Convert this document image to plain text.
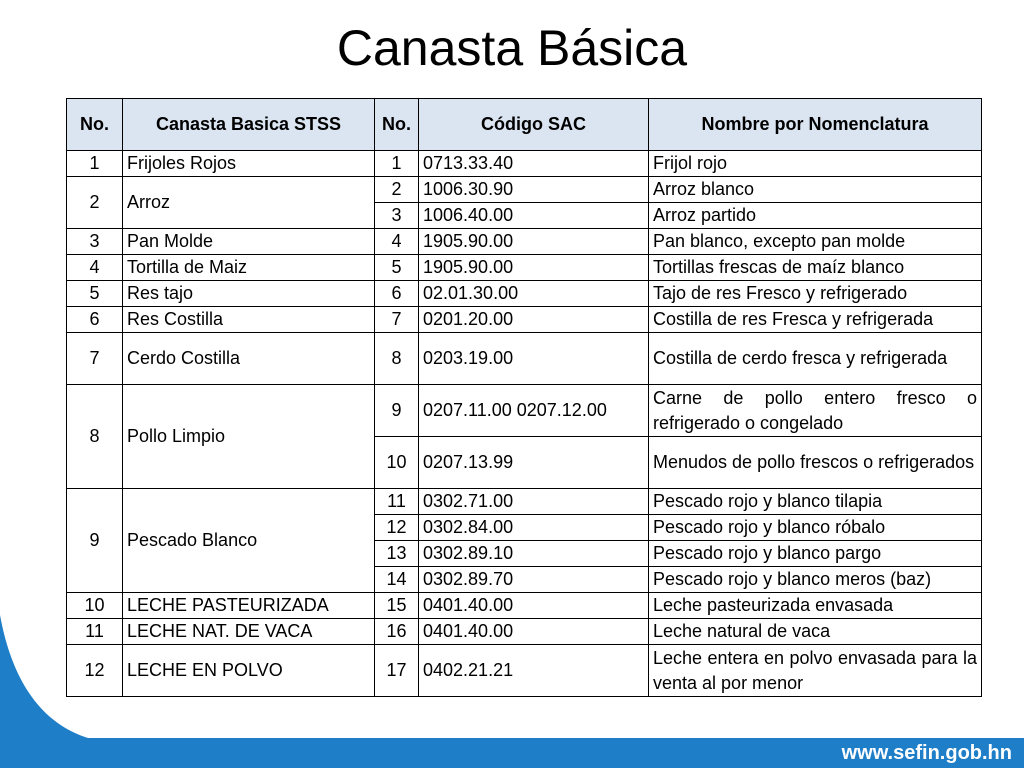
Canasta Básica
No.	Canasta Basica STSS	No.	Código SAC	Nombre por Nomenclatura
1	Frijoles Rojos	1	0713.33.40	Frijol rojo
2	Arroz	2	1006.30.90	Arroz blanco
		3	1006.40.00	Arroz partido
3	Pan Molde	4	1905.90.00	Pan blanco, excepto pan molde
4	Tortilla de Maiz	5	1905.90.00	Tortillas frescas de maíz blanco
5	Res tajo	6	02.01.30.00	Tajo de res Fresco y refrigerado
6	Res Costilla	7	0201.20.00	Costilla de res Fresca y refrigerada
7	Cerdo Costilla	8	0203.19.00	Costilla de cerdo fresca y refrigerada
8	Pollo Limpio	9	0207.11.00 0207.12.00	Carne de pollo entero fresco o refrigerado o congelado
		10	0207.13.99	Menudos de pollo frescos o refrigerados
9	Pescado Blanco	11	0302.71.00	Pescado rojo y blanco tilapia
		12	0302.84.00	Pescado rojo y blanco róbalo
		13	0302.89.10	Pescado rojo y blanco pargo
		14	0302.89.70	Pescado rojo y blanco meros (baz)
10	LECHE PASTEURIZADA	15	0401.40.00	Leche pasteurizada envasada
11	LECHE NAT. DE VACA	16	0401.40.00	Leche natural de vaca
12	LECHE EN POLVO	17	0402.21.21	Leche entera en polvo envasada para la venta al por menor
www.sefin.gob.hn
